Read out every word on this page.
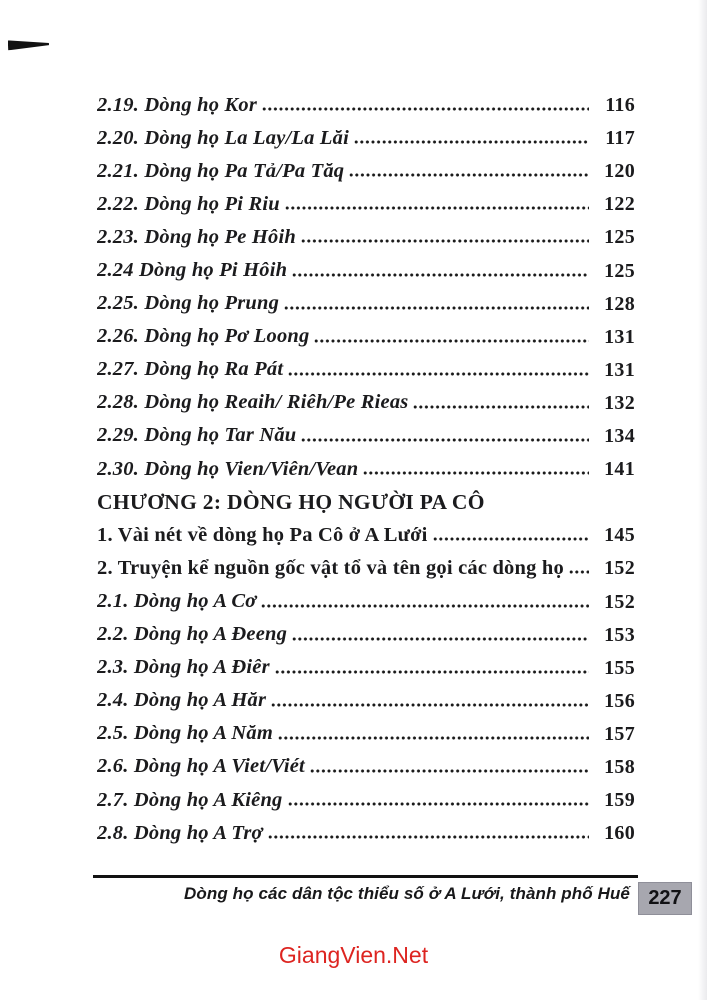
2.19. Dòng họ Kor	116
2.20. Dòng họ La Lay/La Lăi	117
2.21. Dòng họ Pa Tả/Pa Tăq	120
2.22. Dòng họ Pi Riu	122
2.23. Dòng họ Pe Hôih	125
2.24 Dòng họ Pi Hôih	125
2.25. Dòng họ Prung	128
2.26. Dòng họ Pơ Loong	131
2.27. Dòng họ Ra Pát	131
2.28. Dòng họ Reaih/ Riêh/Pe Rieas	132
2.29. Dòng họ Tar Nău	134
2.30. Dòng họ Vien/Viên/Vean	141
CHƯƠNG 2: DÒNG HỌ NGƯỜI PA CÔ
1. Vài nét về dòng họ Pa Cô ở A Lưới	145
2. Truyện kể nguồn gốc vật tổ và tên gọi các dòng họ	152
2.1. Dòng họ A Cơ	152
2.2. Dòng họ A Đeeng	153
2.3. Dòng họ A Điêr	155
2.4. Dòng họ A Hăr	156
2.5. Dòng họ A Năm	157
2.6. Dòng họ A Viet/Viét	158
2.7. Dòng họ A Kiêng	159
2.8. Dòng họ A Trợ	160
Dòng họ các dân tộc thiểu số ở A Lưới, thành phố Huế 227
GiangVien.Net
